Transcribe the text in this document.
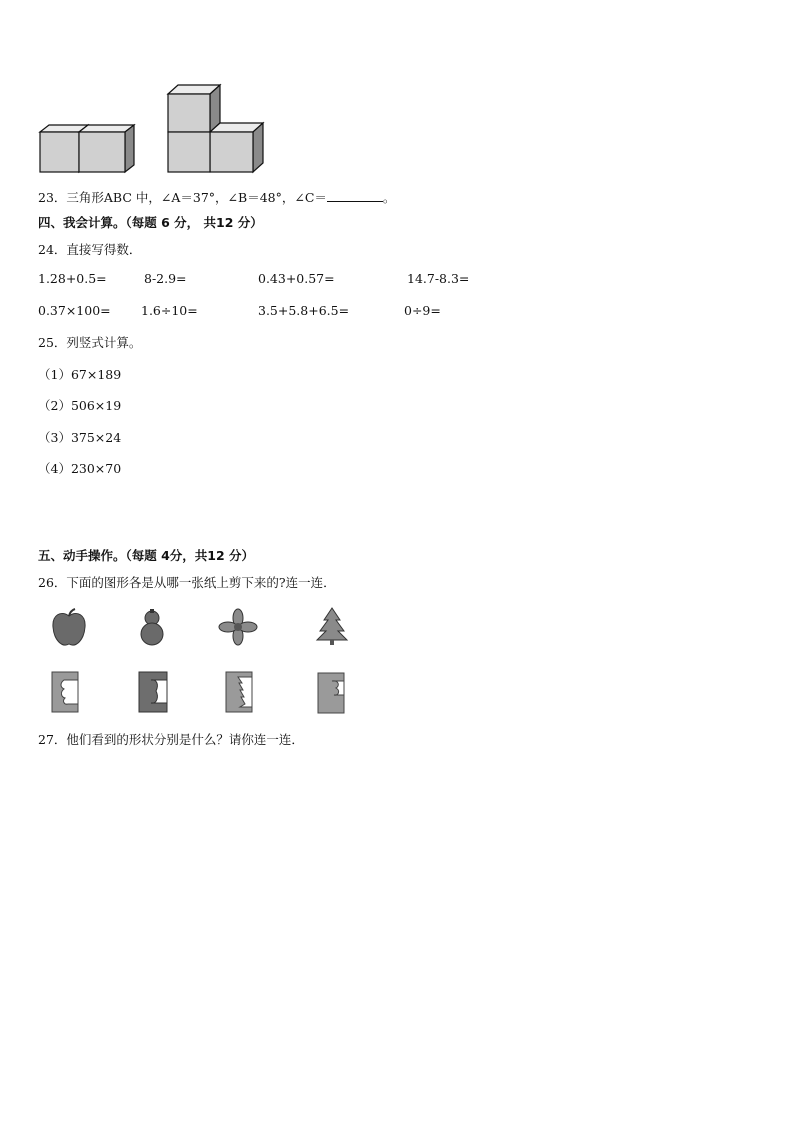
23．三角形ABC 中，∠A＝37°，∠B＝48°，∠C＝	。
四、我会计算。（每题 6 分， 共12 分）
24．直接写得数．
1.28+0.5=	8-2.9=	0.43+0.57=	14.7-8.3=
0.37×100= 1.6÷10=	3.5+5.8+6.5=	0÷9=
25．列竖式计算。
（1）67×189
（2）506×19
（3）375×24
（4）230×70
五、动手操作。（每题 4分，共12 分）
26．下面的图形各是从哪一张纸上剪下来的?连一连．
27．他们看到的形状分别是什么？请你连一连．
